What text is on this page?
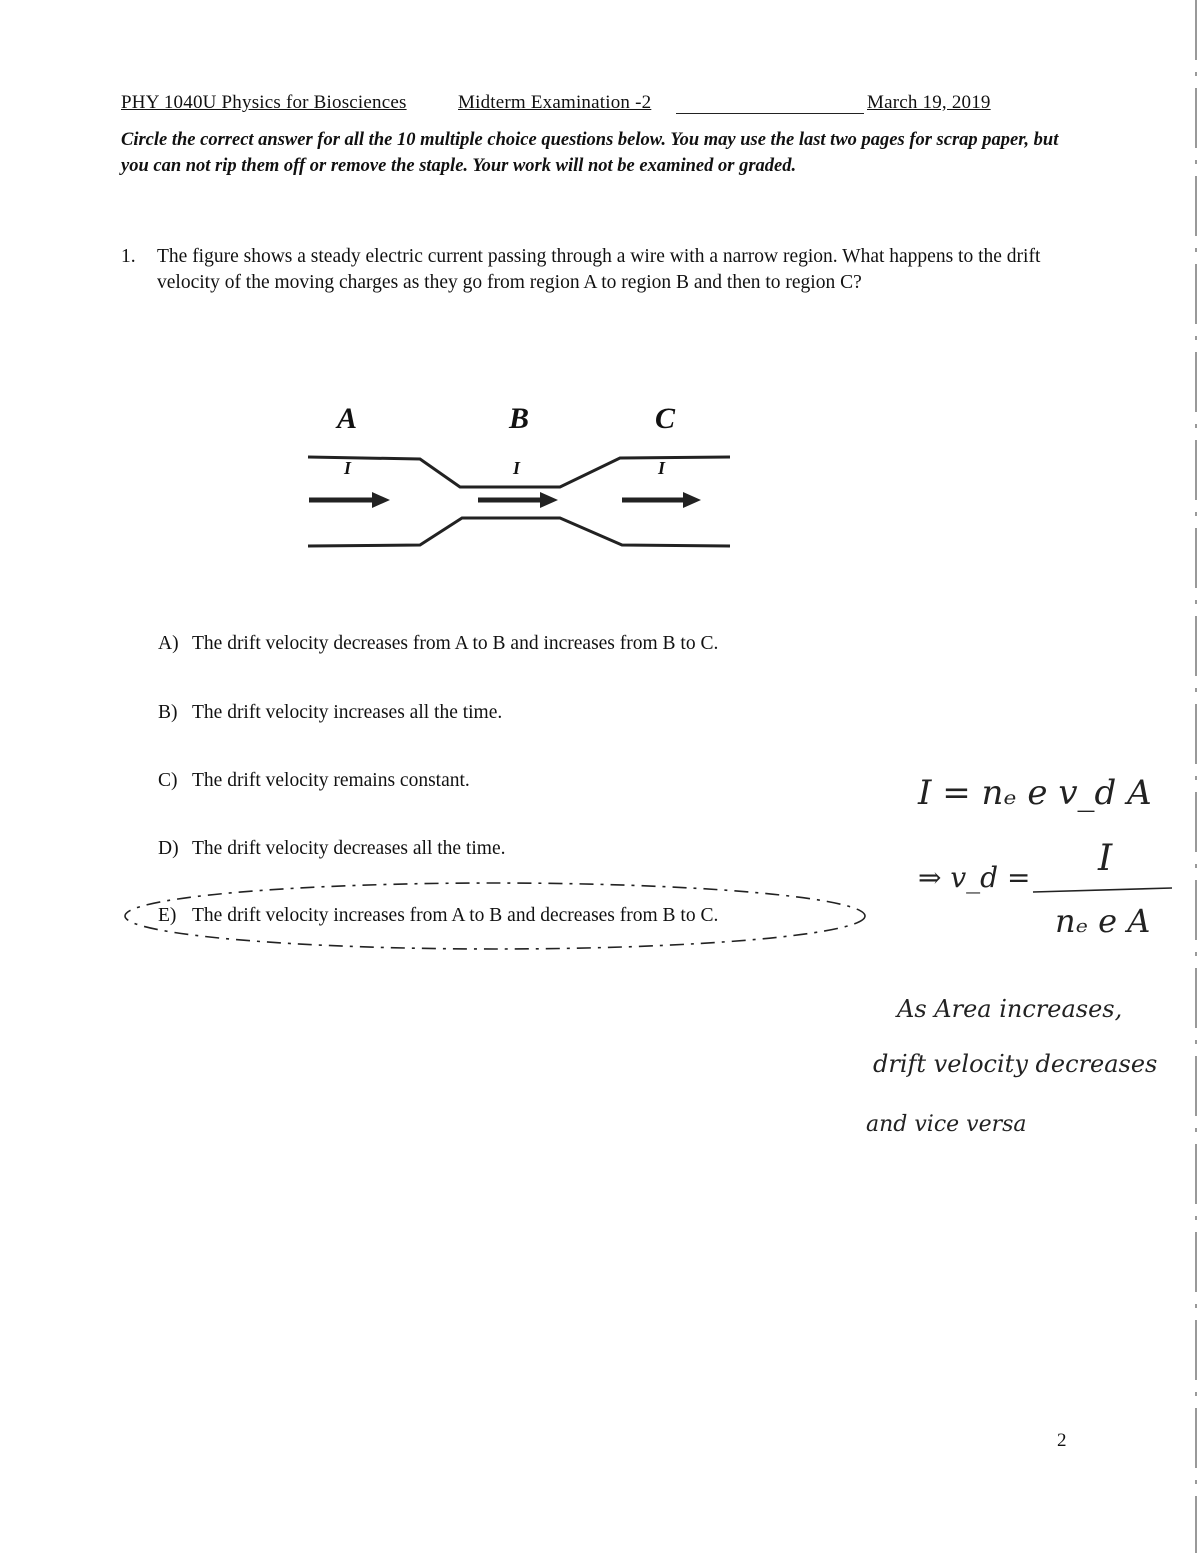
PHY 1040U Physics for Biosciences	Midterm Examination -2	March 19, 2019
Circle the correct answer for all the 10 multiple choice questions below. You may use the last two pages for scrap paper, but you can not rip them off or remove the staple. Your work will not be examined or graded.
1. The figure shows a steady electric current passing through a wire with a narrow region. What happens to the drift velocity of the moving charges as they go from region A to region B and then to region C?
A	B	C
I	I	I
A) The drift velocity decreases from A to B and increases from B to C.
B) The drift velocity increases all the time.
C) The drift velocity remains constant.
D) The drift velocity decreases all the time.
E) The drift velocity increases from A to B and decreases from B to C.
I = nₑ e v_d A
⇒ v_d = I
nₑ e A
As Area increases,
drift velocity decreases
and vice versa
2
